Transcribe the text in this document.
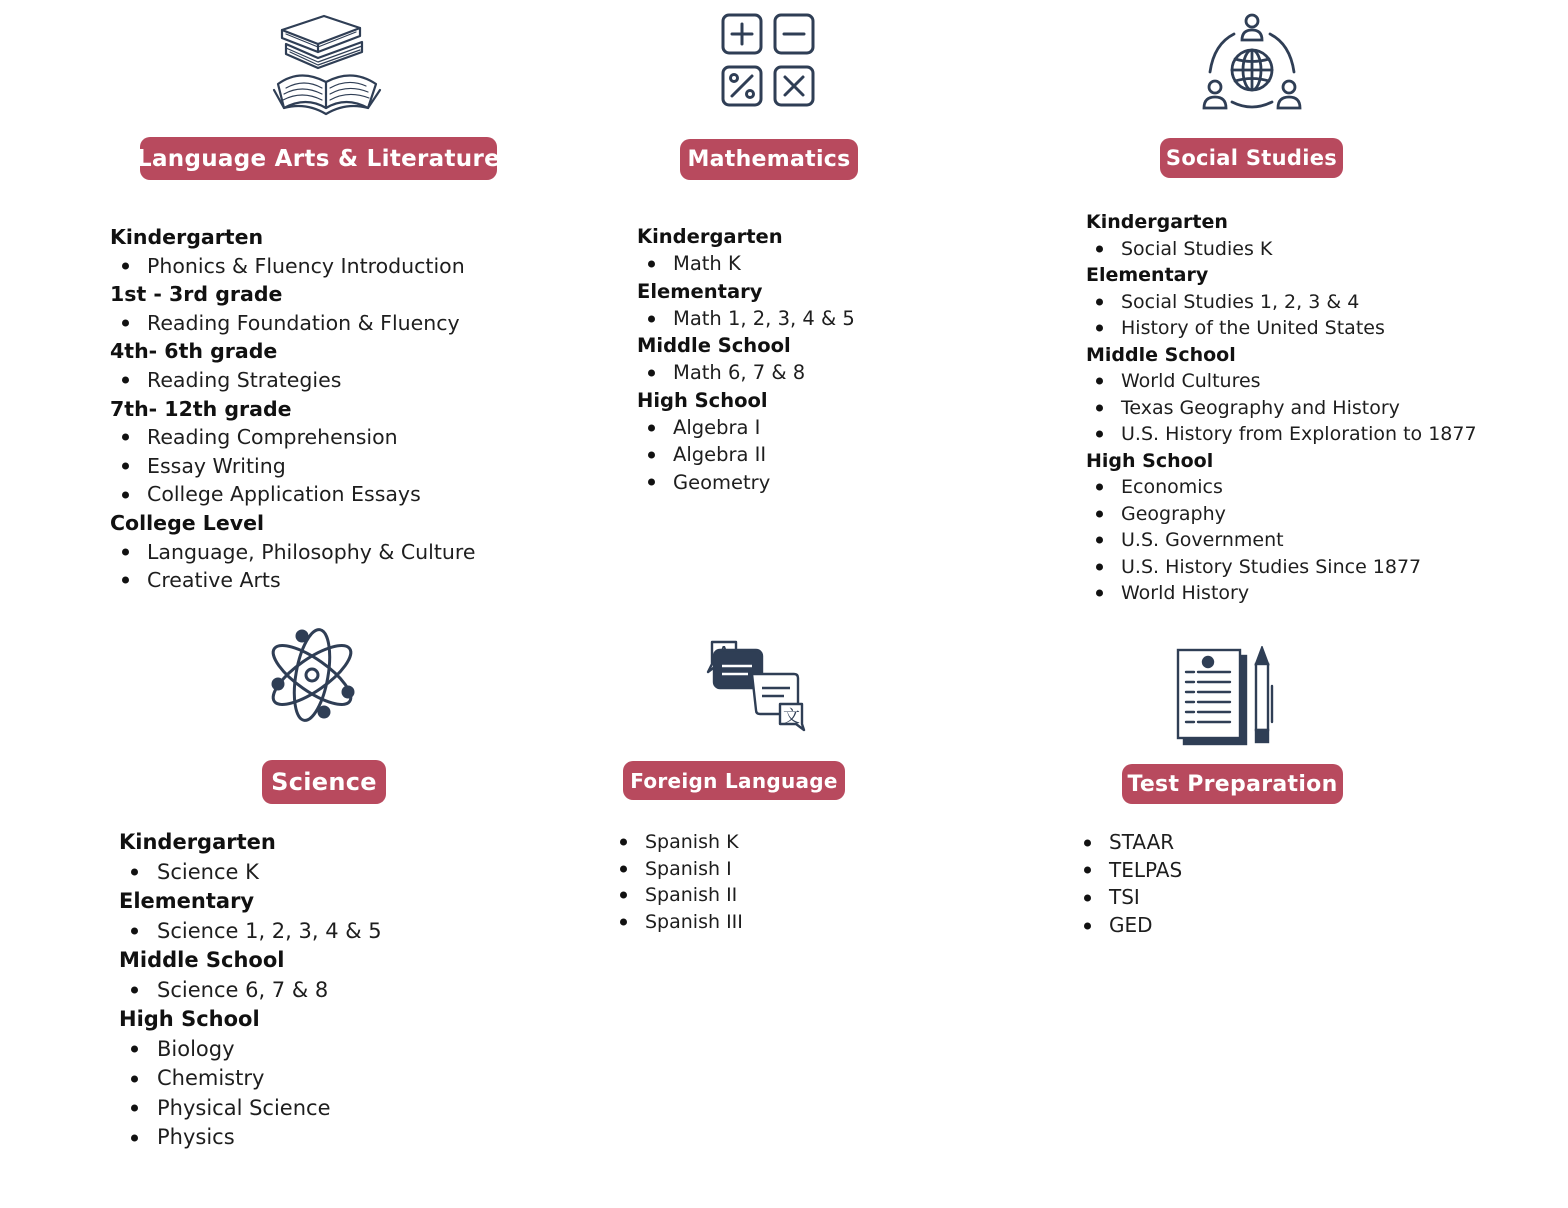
文
Language Arts & Literature	Mathematics	Social Studies
Science	Foreign Language	Test Preparation
Kindergarten
Phonics & Fluency Introduction
1st - 3rd grade
Reading Foundation & Fluency
4th- 6th grade
Reading Strategies
7th- 12th grade
Reading Comprehension
Essay Writing
College Application Essays
College Level
Language, Philosophy & Culture
Creative Arts
Kindergarten
Math K
Elementary
Math 1, 2, 3, 4 & 5
Middle School
Math 6, 7 & 8
High School
Algebra I
Algebra II
Geometry
Kindergarten
Social Studies K
Elementary
Social Studies 1, 2, 3 & 4
History of the United States
Middle School
World Cultures
Texas Geography and History
U.S. History from Exploration to 1877
High School
Economics
Geography
U.S. Government
U.S. History Studies Since 1877
World History
Kindergarten
Science K
Elementary
Science 1, 2, 3, 4 & 5
Middle School
Science 6, 7 & 8
High School
Biology
Chemistry
Physical Science
Physics
Spanish K
Spanish I
Spanish II
Spanish III
STAAR
TELPAS
TSI
GED
